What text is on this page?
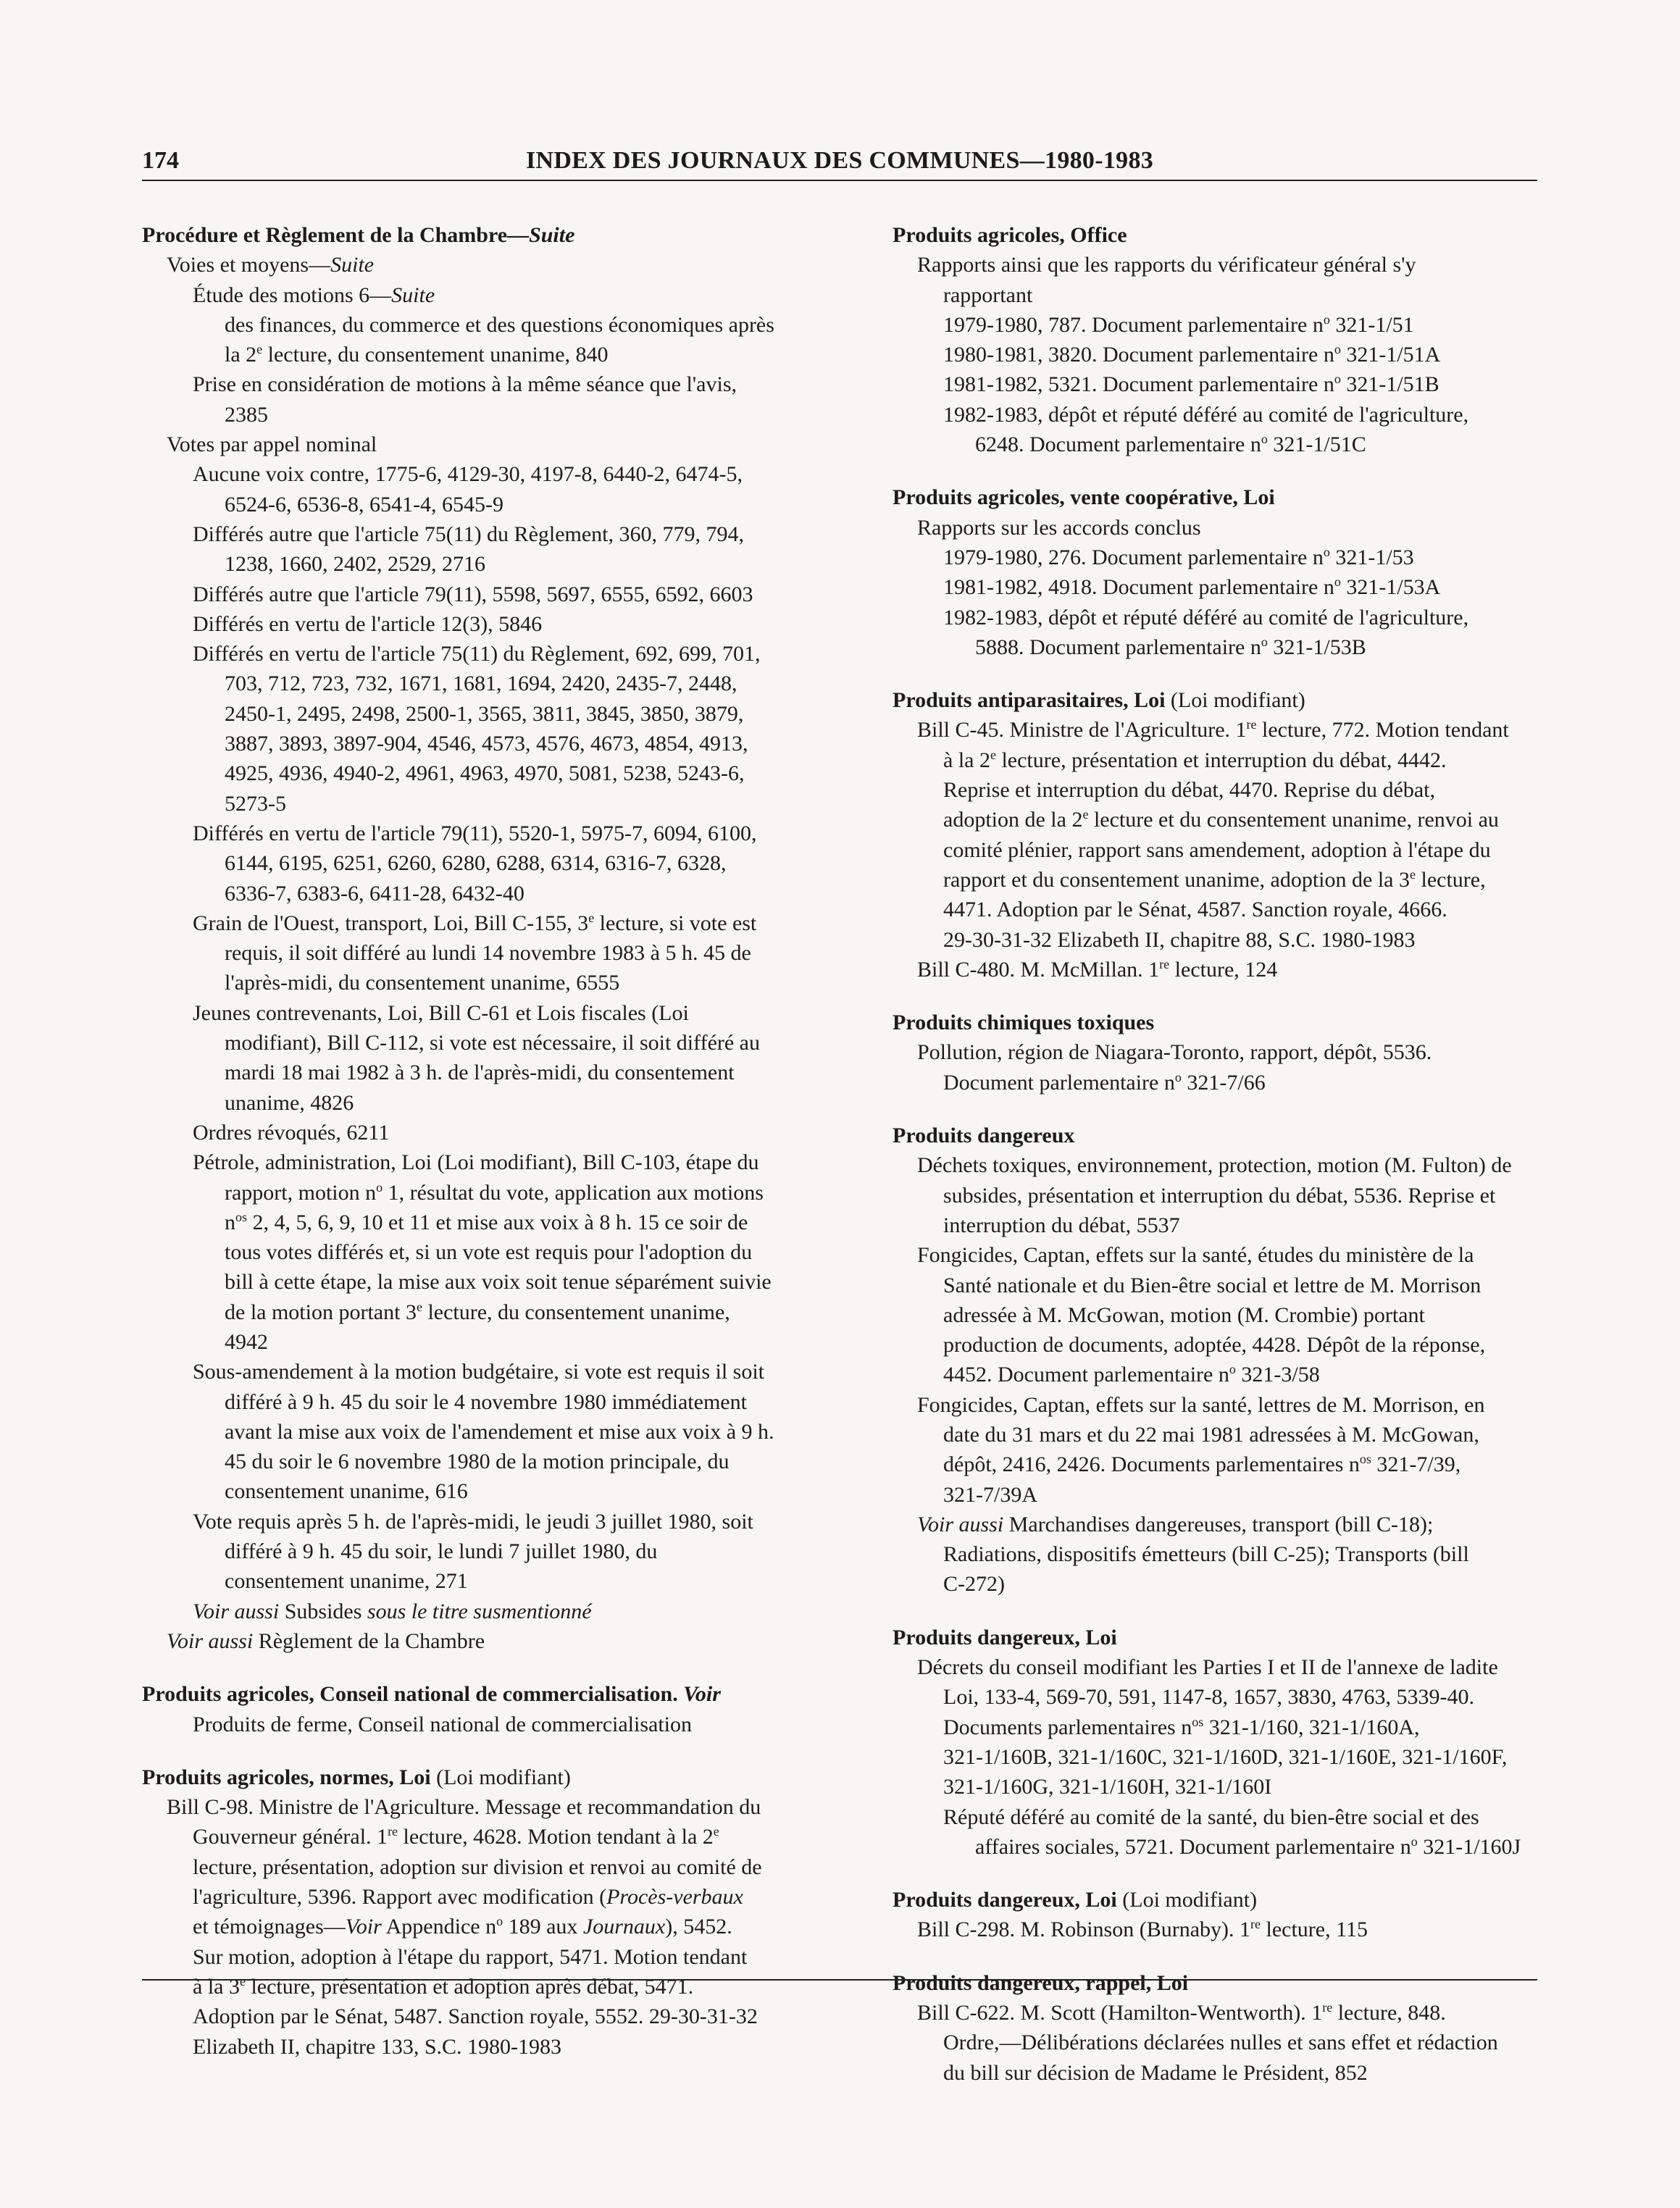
174	INDEX DES JOURNAUX DES COMMUNES—1980-1983
Procédure et Règlement de la Chambre—Suite
Voies et moyens—Suite
Étude des motions 6—Suite
des finances, du commerce et des questions économiques après
la 2e lecture, du consentement unanime, 840
Prise en considération de motions à la même séance que l'avis,
2385
Votes par appel nominal
Aucune voix contre, 1775-6, 4129-30, 4197-8, 6440-2, 6474-5,
6524-6, 6536-8, 6541-4, 6545-9
Différés autre que l'article 75(11) du Règlement, 360, 779, 794,
1238, 1660, 2402, 2529, 2716
Différés autre que l'article 79(11), 5598, 5697, 6555, 6592, 6603
Différés en vertu de l'article 12(3), 5846
Différés en vertu de l'article 75(11) du Règlement, 692, 699, 701,
703, 712, 723, 732, 1671, 1681, 1694, 2420, 2435-7, 2448,
2450-1, 2495, 2498, 2500-1, 3565, 3811, 3845, 3850, 3879,
3887, 3893, 3897-904, 4546, 4573, 4576, 4673, 4854, 4913,
4925, 4936, 4940-2, 4961, 4963, 4970, 5081, 5238, 5243-6,
5273-5
Différés en vertu de l'article 79(11), 5520-1, 5975-7, 6094, 6100,
6144, 6195, 6251, 6260, 6280, 6288, 6314, 6316-7, 6328,
6336-7, 6383-6, 6411-28, 6432-40
Grain de l'Ouest, transport, Loi, Bill C-155, 3e lecture, si vote est
requis, il soit différé au lundi 14 novembre 1983 à 5 h. 45 de
l'après-midi, du consentement unanime, 6555
Jeunes contrevenants, Loi, Bill C-61 et Lois fiscales (Loi
modifiant), Bill C-112, si vote est nécessaire, il soit différé au
mardi 18 mai 1982 à 3 h. de l'après-midi, du consentement
unanime, 4826
Ordres révoqués, 6211
Pétrole, administration, Loi (Loi modifiant), Bill C-103, étape du
rapport, motion $n^o$ 1, résultat du vote, application aux motions
$n^{os}$ 2, 4, 5, 6, 9, 10 et 11 et mise aux voix à 8 h. 15 ce soir de
tous votes différés et, si un vote est requis pour l'adoption du
bill à cette étape, la mise aux voix soit tenue séparément suivie
de la motion portant 3e lecture, du consentement unanime,
4942
Sous-amendement à la motion budgétaire, si vote est requis il soit
différé à 9 h. 45 du soir le 4 novembre 1980 immédiatement
avant la mise aux voix de l'amendement et mise aux voix à 9 h.
45 du soir le 6 novembre 1980 de la motion principale, du
consentement unanime, 616
Vote requis après 5 h. de l'après-midi, le jeudi 3 juillet 1980, soit
différé à 9 h. 45 du soir, le lundi 7 juillet 1980, du
consentement unanime, 271
Voir aussi Subsides sous le titre susmentionné
Voir aussi Règlement de la Chambre
Produits agricoles, Conseil national de commercialisation. Voir
Produits de ferme, Conseil national de commercialisation
Produits agricoles, normes, Loi (Loi modifiant)
Bill C-98. Ministre de l'Agriculture. Message et recommandation du
Gouverneur général. 1re lecture, 4628. Motion tendant à la 2e
lecture, présentation, adoption sur division et renvoi au comité de
l'agriculture, 5396. Rapport avec modification (Procès-verbaux
et témoignages—Voir Appendice $n^o$ 189 aux Journaux), 5452.
Sur motion, adoption à l'étape du rapport, 5471. Motion tendant
à la 3e lecture, présentation et adoption après débat, 5471.
Adoption par le Sénat, 5487. Sanction royale, 5552. 29-30-31-32
Elizabeth II, chapitre 133, S.C. 1980-1983
Produits agricoles, Office
Rapports ainsi que les rapports du vérificateur général s'y
rapportant
1979-1980, 787. Document parlementaire $n^o$ 321-1/51
1980-1981, 3820. Document parlementaire $n^o$ 321-1/51A
1981-1982, 5321. Document parlementaire $n^o$ 321-1/51B
1982-1983, dépôt et réputé déféré au comité de l'agriculture,
6248. Document parlementaire $n^o$ 321-1/51C
Produits agricoles, vente coopérative, Loi
Rapports sur les accords conclus
1979-1980, 276. Document parlementaire $n^o$ 321-1/53
1981-1982, 4918. Document parlementaire $n^o$ 321-1/53A
1982-1983, dépôt et réputé déféré au comité de l'agriculture,
5888. Document parlementaire $n^o$ 321-1/53B
Produits antiparasitaires, Loi (Loi modifiant)
Bill C-45. Ministre de l'Agriculture. 1re lecture, 772. Motion tendant
à la 2e lecture, présentation et interruption du débat, 4442.
Reprise et interruption du débat, 4470. Reprise du débat,
adoption de la 2e lecture et du consentement unanime, renvoi au
comité plénier, rapport sans amendement, adoption à l'étape du
rapport et du consentement unanime, adoption de la 3e lecture,
4471. Adoption par le Sénat, 4587. Sanction royale, 4666.
29-30-31-32 Elizabeth II, chapitre 88, S.C. 1980-1983
Bill C-480. M. McMillan. 1re lecture, 124
Produits chimiques toxiques
Pollution, région de Niagara-Toronto, rapport, dépôt, 5536.
Document parlementaire $n^o$ 321-7/66
Produits dangereux
Déchets toxiques, environnement, protection, motion (M. Fulton) de
subsides, présentation et interruption du débat, 5536. Reprise et
interruption du débat, 5537
Fongicides, Captan, effets sur la santé, études du ministère de la
Santé nationale et du Bien-être social et lettre de M. Morrison
adressée à M. McGowan, motion (M. Crombie) portant
production de documents, adoptée, 4428. Dépôt de la réponse,
4452. Document parlementaire $n^o$ 321-3/58
Fongicides, Captan, effets sur la santé, lettres de M. Morrison, en
date du 31 mars et du 22 mai 1981 adressées à M. McGowan,
dépôt, 2416, 2426. Documents parlementaires $n^{os}$ 321-7/39,
321-7/39A
Voir aussi Marchandises dangereuses, transport (bill C-18);
Radiations, dispositifs émetteurs (bill C-25); Transports (bill
C-272)
Produits dangereux, Loi
Décrets du conseil modifiant les Parties I et II de l'annexe de ladite
Loi, 133-4, 569-70, 591, 1147-8, 1657, 3830, 4763, 5339-40.
Documents parlementaires $n^{os}$ 321-1/160, 321-1/160A,
321-1/160B, 321-1/160C, 321-1/160D, 321-1/160E, 321-1/160F,
321-1/160G, 321-1/160H, 321-1/160I
Réputé déféré au comité de la santé, du bien-être social et des
affaires sociales, 5721. Document parlementaire $n^o$ 321-1/160J
Produits dangereux, Loi (Loi modifiant)
Bill C-298. M. Robinson (Burnaby). 1re lecture, 115
Produits dangereux, rappel, Loi
Bill C-622. M. Scott (Hamilton-Wentworth). 1re lecture, 848.
Ordre,—Délibérations déclarées nulles et sans effet et rédaction
du bill sur décision de Madame le Président, 852
